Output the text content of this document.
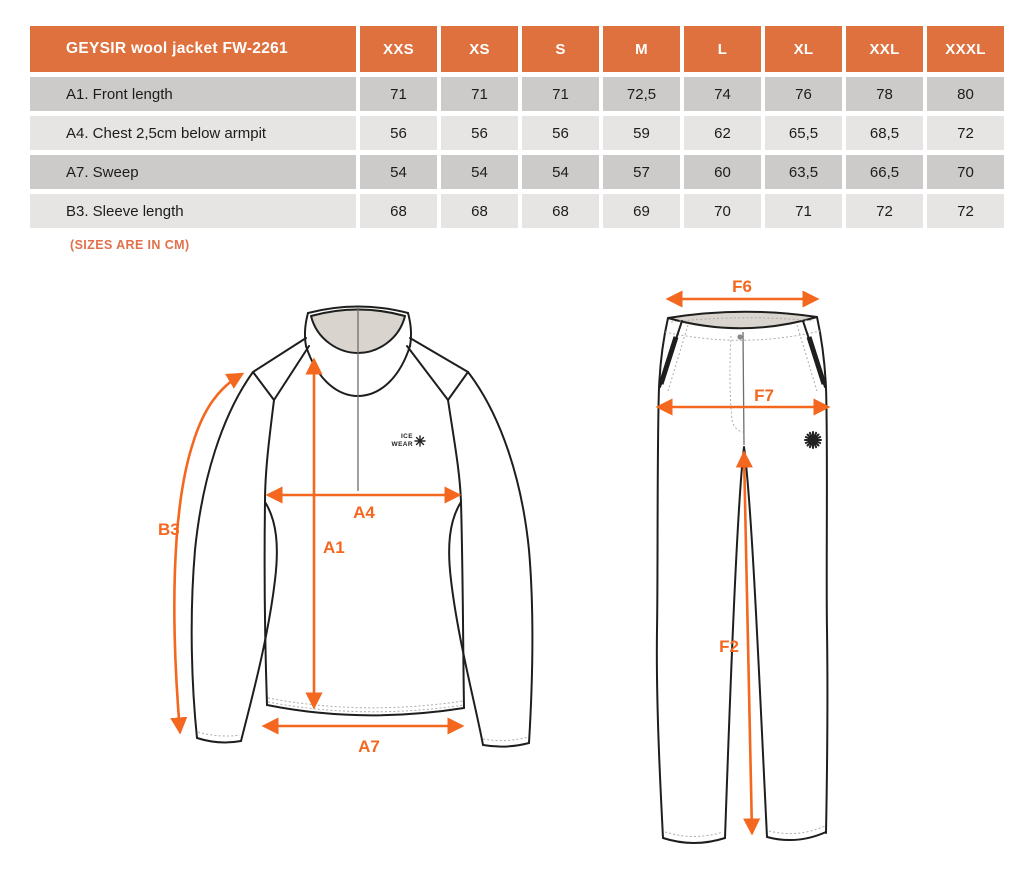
GEYSIR wool jacket FW-2261	XXS	XS	S	M	L	XL	XXL	XXXL
A1. Front length	71	71	71	72,5	74	76	78	80
A4. Chest 2,5cm below armpit	56	56	56	59	62	65,5	68,5	72
A7. Sweep	54	54	54	57	60	63,5	66,5	70
B3. Sleeve length	68	68	68	69	70	71	72	72
(SIZES ARE IN CM)
ICE
WEAR
B3
A1
A4
A7
F6
F7
F2
